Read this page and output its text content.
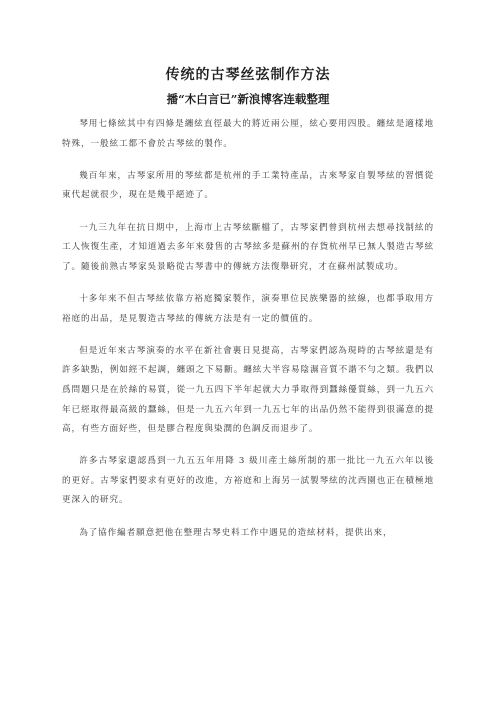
传统的古琴丝弦制作方法
播“木白言已”新浪博客连载整理

琴用七條絃其中有四條是纏絃直徑最大的將近兩公厘，絃心要用四股。纏絃是適樣地特殊，一般絃工都不會於古琴絃的製作。

幾百年來，古琴家所用的琴絃都是杭州的手工業特產品，古來琴家自製琴絃的習慣從東代起就很少，現在是幾乎絕迹了。

一九三九年在抗日期中，上海市上古琴絃斷檔了，古琴家們曾到杭州去想尋找制絃的工人恢復生產，才知道過去多年來發售的古琴絃多是蘇州的存貨杭州早已無人製造古琴絃了。隨後前熟古琴家吳景略從古琴書中的傳統方法復舉研究，才在蘇州試製成功。

十多年來不但古琴絃依靠方裕庭獨家製作，演奏單位民族樂器的絃線，也都爭取用方裕庭的出品，是見製造古琴絃的傳統方法是有一定的價值的。

但是近年來古琴演奏的水平在新社會裏日見提高，古琴家們認為現時的古琴絃還是有許多缺點，例如經不起調，纏頭之下易斷。纏絃大半容易陰濕音質不諧不勻之類。我們以爲問題只是在於絲的易質，從一九五四下半年起就大力爭取得到蠶絲優質絲，到一九五六年已經取得最高級的蠶絲，但是一九五六年到一九五七年的出品仍然不能得到很滿意的提高，有些方面好些，但是膠合程度與染潤的色調反而退步了。

許多古琴家還認爲到一九五五年用降 3 級川產土絲所制的那一批比一九五六年以後的更好。古琴家們要求有更好的改進，方裕庭和上海另一試製琴絃的沈西園也正在積極地更深入的研究。

為了協作編者願意把他在整理古琴史料工作中遇見的造絃材料，提供出來，
